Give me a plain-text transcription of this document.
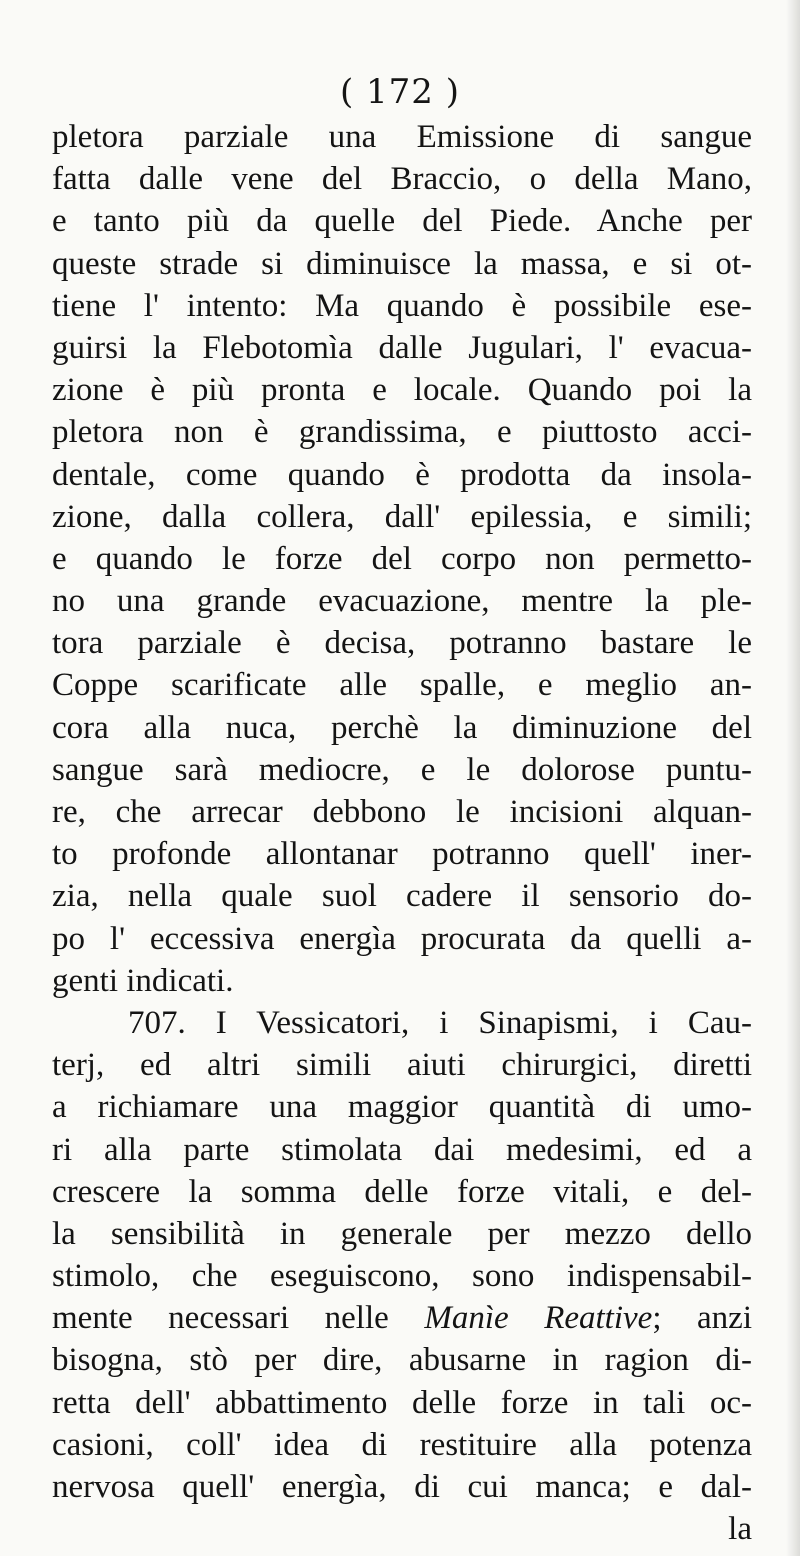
( 172 )
pletora parziale una Emissione di sangue
fatta dalle vene del Braccio, o della Mano,
e tanto più da quelle del Piede. Anche per
queste strade si diminuisce la massa, e si ot-
tiene l' intento: Ma quando è possibile ese-
guirsi la Flebotomìa dalle Jugulari, l' evacua-
zione è più pronta e locale. Quando poi la
pletora non è grandissima, e piuttosto acci-
dentale, come quando è prodotta da insola-
zione, dalla collera, dall' epilessia, e simili;
e quando le forze del corpo non permetto-
no una grande evacuazione, mentre la ple-
tora parziale è decisa, potranno bastare le
Coppe scarificate alle spalle, e meglio an-
cora alla nuca, perchè la diminuzione del
sangue sarà mediocre, e le dolorose puntu-
re, che arrecar debbono le incisioni alquan-
to profonde allontanar potranno quell' iner-
zia, nella quale suol cadere il sensorio do-
po l' eccessiva energìa procurata da quelli a-
genti indicati.
707. I Vessicatori, i Sinapismi, i Cau-
terj, ed altri simili aiuti chirurgici, diretti
a richiamare una maggior quantità di umo-
ri alla parte stimolata dai medesimi, ed a
crescere la somma delle forze vitali, e del-
la sensibilità in generale per mezzo dello
stimolo, che eseguiscono, sono indispensabil-
mente necessari nelle Manìe Reattive; anzi
bisogna, stò per dire, abusarne in ragion di-
retta dell' abbattimento delle forze in tali oc-
casioni, coll' idea di restituire alla potenza
nervosa quell' energìa, di cui manca; e dal-
la
